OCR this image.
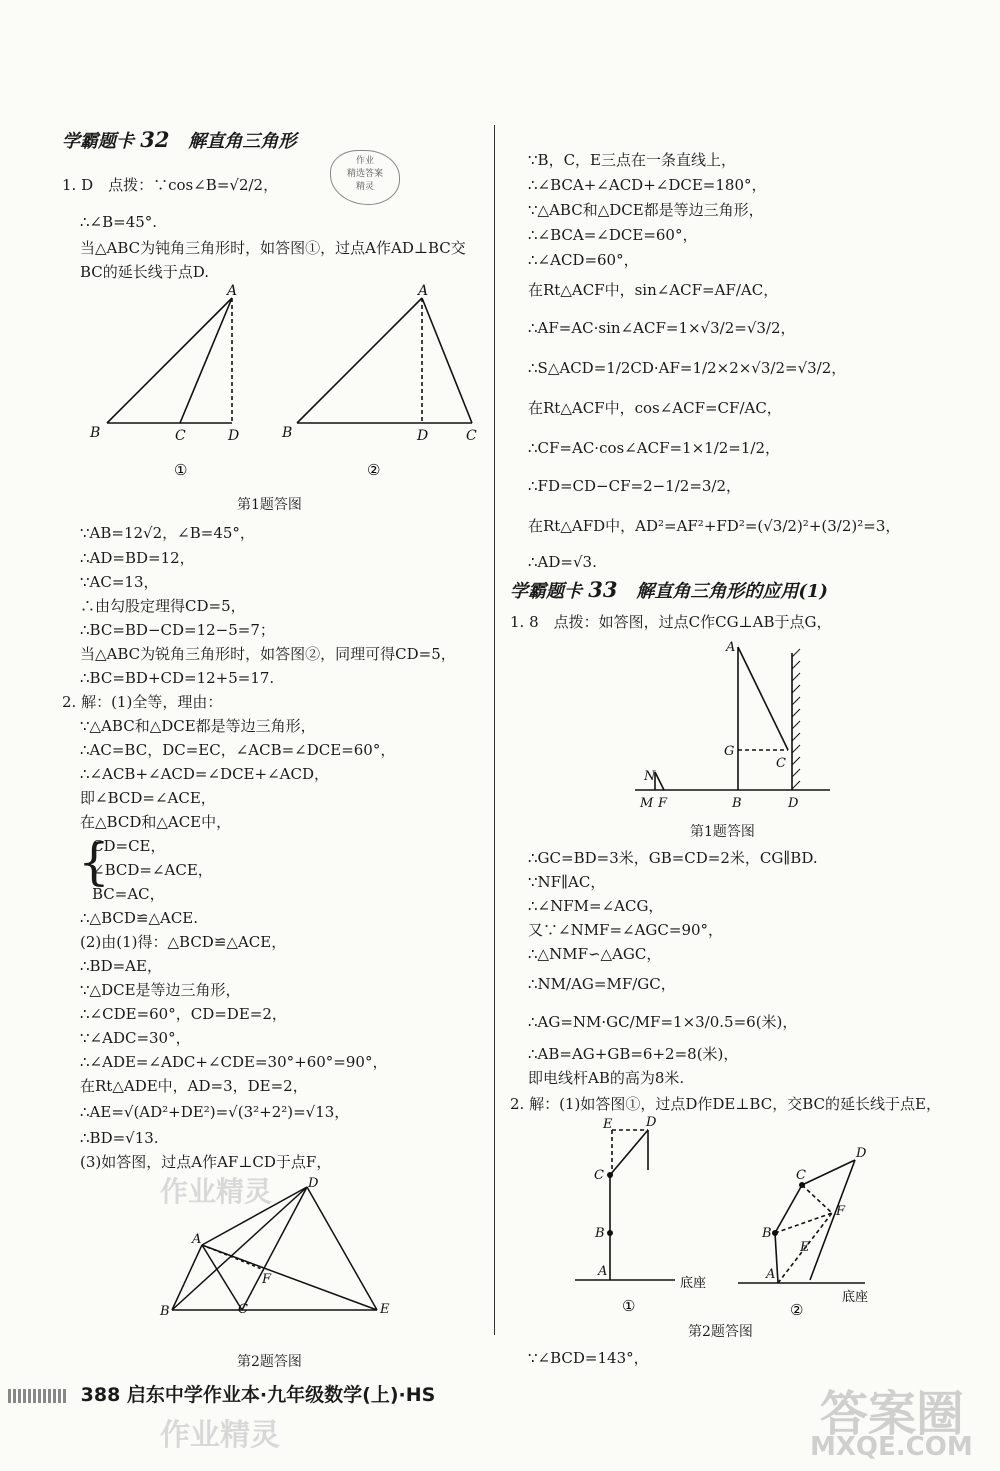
学霸题卡 32 解直角三角形
1. D　点拨：∵cos∠B=√2/2，
∴∠B=45°.
当△ABC为钝角三角形时，如答图①，过点A作AD⊥BC交
BC的延长线于点D.
A
B	C	D
A
B	D	C
①	②
第1题答图
∵AB=12√2，∠B=45°，
∴AD=BD=12，
∵AC=13，
∴由勾股定理得CD=5，
∴BC=BD−CD=12−5=7；
当△ABC为锐角三角形时，如答图②，同理可得CD=5，
∴BC=BD+CD=12+5=17.
2. 解：(1)全等，理由：
∵△ABC和△DCE都是等边三角形，
∴AC=BC，DC=EC，∠ACB=∠DCE=60°，
∴∠ACB+∠ACD=∠DCE+∠ACD，
即∠BCD=∠ACE，
在△BCD和△ACE中，
{
CD=CE，
∠BCD=∠ACE，
BC=AC，
∴△BCD≌△ACE.
(2)由(1)得：△BCD≌△ACE，
∴BD=AE，
∵△DCE是等边三角形，
∴∠CDE=60°，CD=DE=2，
∵∠ADC=30°，
∴∠ADE=∠ADC+∠CDE=30°+60°=90°，
在Rt△ADE中，AD=3，DE=2，
∴AE=√(AD²+DE²)=√(3²+2²)=√13，
∴BD=√13.
(3)如答图，过点A作AF⊥CD于点F，
A
B	C
D
E
F
第2题答图
作业
精选答案
精灵
∵B，C，E三点在一条直线上，
∴∠BCA+∠ACD+∠DCE=180°，
∵△ABC和△DCE都是等边三角形，
∴∠BCA=∠DCE=60°，
∴∠ACD=60°，
在Rt△ACF中，sin∠ACF=AF/AC，
∴AF=AC·sin∠ACF=1×√3/2=√3/2，
∴S△ACD=1/2CD·AF=1/2×2×√3/2=√3/2，
在Rt△ACF中，cos∠ACF=CF/AC，
∴CF=AC·cos∠ACF=1×1/2=1/2，
∴FD=CD−CF=2−1/2=3/2，
在Rt△AFD中，AD²=AF²+FD²=(√3/2)²+(3/2)²=3，
∴AD=√3.
学霸题卡 33 解直角三角形的应用(1)
1. 8　点拨：如答图，过点C作CG⊥AB于点G，
A
G
C
N
M F	B	D
第1题答图
∴GC=BD=3米，GB=CD=2米，CG∥BD.
∵NF∥AC，
∴∠NFM=∠ACG，
又∵∠NMF=∠AGC=90°，
∴△NMF∽△AGC，
∴NM/AG=MF/GC，
∴AG=NM·GC/MF=1×3/0.5=6(米)，
∴AB=AG+GB=6+2=8(米)，
即电线杆AB的高为8米.
2. 解：(1)如答图①，过点D作DE⊥BC，交BC的延长线于点E，
E	D
C
B
A
D
C
B
A
F
E
底座
底座
①	②
第2题答图
∵∠BCD=143°，
388 启东中学作业本·九年级数学(上)·HS
作业精灵
作业精灵	答案圈
MXQE.COM
